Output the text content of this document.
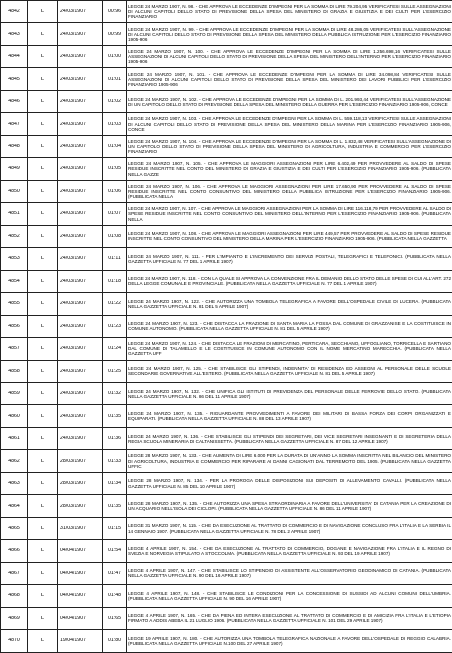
4842	L	24/03/1907	00:96	LEGGE 24 MARZO 1907, N. 98. - CHE APPROVA LE ECCEDENZE D'IMPEGNI PER LA SOMMA DI LIRE 79.204,95 VERIFICATESI SULLE ASSEGNAZIONI DI ALCUNI CAPITOLI DELLO STATO DI PREVISIONE DELLA SPESA DEL MINISTERO DI GRAZIA E GIUSTIZIA E DEI CULTI PER L'ESERCIZIO FINANZIARIO

4843	L	24/03/1907	00:99	LEGGE 24 MARZO 1907, N. 99. - CHE APPROVA LE ECCEDENZE D'IMPEGNI PER LA SOMMA DI LIRE 48.286,05 VERIFICATESI SULL'ASSEGNAZIONE DI ALCUNI CAPITOLI DELLO STATO DI PREVISIONE DELLA SPESA DEL MINISTERO DELLA PUBBLICA ISTRUZIONE PER L'ESERCIZIO FINANZIARIO 1905-906

4844	L	24/03/1907	01:00	LEGGE 24 MARZO 1907, N. 100. - CHE APPROVA LE ECCEDENZE D'IMPEGNI PER LA SOMMA DI LIRE 1.256.698,16 VERIFICATESI SULLE ASSEGNAZIONI DI ALCUNI CAPITOLI DELLO STATO DI PREVISIONE DELLA SPESA DEL MINISTERO DELL'INTERNO PER L'ESERCIZIO FINANZIARIO 1905-906

4845	L	24/03/1907	01:01	LEGGE 24 MARZO 1907, N. 101. - CHE APPROVA LE ECCEDENZE D'IMPEGNI PER LA SOMMA DI LIRE 34.098,84 VERIFICATESI SULLE ASSEGNAZIONI DI ALCUNI CAPITOLI DELLO STATO DI PREVISIONE DELLA SPESA DEL MINISTERO DEI LAVORI PUBBLICI PER L'ESERCIZIO FINANZIARIO 1905-906

4846	L	24/03/1907	01:02	LEGGE 24 MARZO 1907, N. 102. - CHE APPROVA LE ECCEDENZE D'IMPEGNI PER LA SOMMA DI L. 201.993,44 VERIFICATESI SULL'ASSEGNAZIONE DI UN CAPITOLO DELLO STATO DI PREVISIONE DELLA SPESA DEL MINISTERO DELLA GUERRA PER L'ESERCIZIO FINANZIARIO 1905-906, CONCE

4847	L	24/03/1907	01:03	LEGGE 24 MARZO 1907, N. 103. - CHE APPROVA LE ECCEDENZE D'IMPEGNI PER LA SOMMA DI L. 559.118,13 VERIFICATESI SULLE ASSEGNAZIONI DI ALCUNI CAPITOLI DELLO STATO DI PREVISIONE DELLA SPESA DEL MINISTERO DELLA MARINA PER L'ESERCIZIO FINANZIARIO 1905-906, CONCE

4848	L	24/03/1907	01:04	LEGGE 24 MARZO 1907, N. 104. - CHE APPROVA LE ECCEDENZE D'IMPEGNI PER LA SOMMA DI L. 1.832,48 VERIFICATESI SULL'ASSEGNAZIONE DI UN CAPITOLO DELLO STATO DI PREVISIONE DELLA SPESA DEL MINISTERO DI AGRICOLTURA, INDUSTRIA E COMMERCIO PER L'ESERCIZIO FINANZIARIO

4849	L	24/03/1907	01:05	LEGGE 24 MARZO 1907, N. 105. - CHE APPROVA LE MAGGIORI ASSEGNAZIONI PER LIRE 6.402,49 PER PROVVEDERE AL SALDO DI SPESE RESIDUE INSCRITTE NEL CONTO DEL MINISTERO DI GRAZIA E GIUSTIZIA E DEI CULTI PER L'ESERCIZIO FINANZIARIO 1905-906. (PUBBLICATA NELLA GAZZE

4850	L	24/03/1907	01:06	LEGGE 24 MARZO 1907, N. 106. - CHE APPROVA LE MAGGIORI ASSEGNAZIONI PER LIRE 17.650,90 PER PROVVEDERE AL SALDO DI SPESE RESIDUE INSCRITTE NEL CONTO CONSUNTIVO DEL MINISTERO DELLA PUBBLICA ISTRUZIONE PER L'ESERCIZIO FINANZIARIO 1905-906. (PUBBLICATA NELLA

4851	L	24/03/1907	01:07	LEGGE 24 MARZO 1907, N. 107. - CHE APPROVA LE MAGGIORI ASSEGNAZIONI PER LA SOMMA DI LIRE 116.118,79 PER PROVVEDERE AL SALDO DI SPESE RESIDUE INSCRITTE NEL CONTO CONSUNTIVO DEL MINISTERO DELL'INTERNO PER L'ESERCIZIO FINANZIARIO 1905-906. (PUBBLICATA NELLA

4852	L	24/03/1907	01:08	LEGGE 24 MARZO 1907, N. 108. - CHE APPROVA LE MAGGIORI ASSEGNAZIONI PER LIRE 449,57 PER PROVVEDERE AL SALDO DI SPESE RESIDUE INSCRITTE NEL CONTO CONSUNTIVO DEL MINISTERO DELLA MARINA PER L'ESERCIZIO FINANZIARIO 1905-906. (PUBBLICATA NELLA GAZZETTA

4853	L	24/03/1907	01:11	LEGGE 24 MARZO 1907, N. 111. - PER L'IMPIANTO E L'INCREMENTO DEI SERVIZI POSTALI, TELEGRAFICI E TELEFONICI. (PUBBLICATA NELLA GAZZETTA UFFICIALE N. 77 DEL 1 APRILE 1907)

4854	L	24/03/1907	01:18	LEGGE 24 MARZO 1907, N. 118. - CON LA QUALE SI APPROVA LA CONVENZIONE FRA IL DEMANIO DELLO STATO DELLE SPESE DI CUI ALL'ART. 272 DELLA LEGGE COMUNALE E PROVINCIALE. (PUBBLICATA NELLA GAZZETTA UFFICIALE N. 77 DEL 1 APRILE 1907)

4855	L	24/03/1907	01:22	LEGGE 24 MARZO 1907, N. 122. - CHE AUTORIZZA UNA TOMBOLA TELEGRAFICA A FAVORE DELL'OSPEDALE CIVILE DI LUCERA. (PUBBLICATA NELLA GAZZETTA UFFICIALE N. 81 DEL 5 APRILE 1907)

4856	L	24/03/1907	01:23	LEGGE 24 MARZO 1907, N. 123. - CHE DISTACCA LA FRAZIONE DI SANTA MARIA LA FOSSA DAL COMUNE DI GRAZZANISE E LA COSTITUISCE IN COMUNE AUTONOMO. (PUBBLICATA NELLA GAZZETTA UFFICIALE N. 81 DEL 5 APRILE 1907)

4857	L	24/03/1907	01:24	LEGGE 24 MARZO 1907, N. 124. - CHE DISTACCA LE FRAZIONI DI MERCATINO, PERTICARA, SECCHIANO, UFFOGLIANO, TORRICELLA E SARTIANO DAL COMUNE DI TALAMELLO E LE COSTITUISCE IN COMUNE AUTONOMO CON IL NOME MERCATINO MARECCHIA. (PUBBLICATA NELLA GAZZETTA UFF

4858	L	24/03/1907	01:25	LEGGE 24 MARZO 1907, N. 125. - CHE STABILISCE GLI STIPENDI, INDENNITA' DI RESIDENZA ED ASSEGNI AL PERSONALE DELLE SCUOLE SECONDARIE GOVERNATIVE ALL'ESTERO. (PUBBLICATA NELLA GAZZETTA UFFICIALE N. 81 DEL 5 APRILE 1907)

4859	L	24/03/1907	01:32	LEGGE 24 MARZO 1907, N. 132. - CHE UNIFICA GLI ISTITUTI DI PREVIDENZA DEL PERSONALE DELLE FERROVIE DELLO STATO. (PUBBLICATA NELLA GAZZETTA UFFICIALE N. 86 DEL 11 APRILE 1907)

4860	L	24/03/1907	01:35	LEGGE 24 MARZO 1907, N. 135. - RIGUARDANTE PROVVEDIMENTI A FAVORE DEI MILITARI DI BASSA FORZA DEI CORPI ORGANIZZATI E EQUIPARATI. (PUBBLICATA NELLA GAZZETTA UFFICIALE N. 88 DEL 13 APRILE 1907)

4861	L	24/03/1907	01:36	LEGGE 24 MARZO 1907, N. 136. - CHE STABILISCE GLI STIPENDI DEI SEGRETARI, DEI VICE SEGRETARI INSEGNANTI E DI SEGRETERIA DELLA REGIA SCUOLA MINERARIA DI CALTANISSETTA. (PUBBLICATA NELLA GAZZETTA UFFICIALE N. 87 DEL 12 APRILE 1907)

4862	L	28/03/1907	01:33	LEGGE 28 MARZO 1907, N. 133. - CHE AUMENTA DI LIRE 6.000 PER LA DURATA DI UN'ANNO LA SOMMA INSCRITTA NEL BILANCIO DEL MINISTERO DI AGRICOLTURA, INDUSTRIA E COMMERCIO PER RIPARARE AI DANNI CAGIONATI DAL TERREMOTO DEL 1905. (PUBBLICATA NELLA GAZZETTA UFFIC

4863	L	28/03/1907	01:34	LEGGE 28 MARZO 1907, N. 134. - PER LA PROROGA DELLE DISPOSIZIONI SUI DEPOSITI DI ALLEVAMENTO CAVALLI. (PUBBLICATA NELLA GAZZETTA UFFICIALE N. 85 DEL 10 APRILE 1907)

4864	L	28/03/1907	01:35	LEGGE 28 MARZO 1907, N. 135. - CHE AUTORIZZA UNA SPESA STRAORDINARIA A FAVORE DELL'UNIVERSITA' DI CATANIA PER LA CREAZIONE DI UN ACQUARIO NELL'ISOLA DEI CICLOPI. (PUBBLICATA NELLA GAZZETTA UFFICIALE N. 86 DEL 11 APRILE 1907)

4865	L	31/03/1907	01:15	LEGGE 31 MARZO 1907, N. 115. - CHE DA ESECUZIONE AL TRATTATO DI COMMERCIO E DI NAVIGAZIONE CONCLUSO FRA L'ITALIA E LA SERBIA IL 14 GENNAIO 1907. (PUBBLICATA NELLA GAZZETTA UFFICIALE N. 78 DEL 2 APRILE 1907)

4866	L	04/04/1907	01:54	LEGGE 4 APRILE 1907, N. 154. - CHE DA ESECUZIONE AL TRATTATO DI COMMERCIO, DOGANE E NAVIGAZIONE FRA L'ITALIA E IL REGNO DI SVEZIA E NORVEGIA STIPULATO A STOCCOLMA. (PUBBLICATA NELLA GAZZETTA UFFICIALE N. 93 DEL 19 APRILE 1907)

4867	L	04/04/1907	01:47	LEGGE 4 APRILE 1907, N. 147. - CHE STABILISCE LO STIPENDIO DI ASSISTENTE ALL'OSSERVATORIO GEODINAMICO DI CATANIA. (PUBBLICATA NELLA GAZZETTA UFFICIALE N. 90 DEL 16 APRILE 1907)

4868	L	04/04/1907	01:48	LEGGE 4 APRILE 1907, N. 148. - CHE STABILISCE LE CONDIZIONI PER LA CONCESSIONE DI SUSSIDI AD ALCUNI COMUNI DELL'UMBRIA. (PUBBLICATA NELLA GAZZETTA UFFICIALE N. 90 DEL 16 APRILE 1907)

4869	L	04/04/1907	01:65	LEGGE 4 APRILE 1907, N. 165. - CHE DA PIENA ED INTERA ESECUZIONE AL TRATTATO DI COMMERCIO E DI AMICIZIA FRA L'ITALIA E L'ETIOPIA FIRMATO A ADDIS ABEBA IL 21 LUGLIO 1906. (PUBBLICATA NELLA GAZZETTA UFFICIALE N. 101 DEL 29 APRILE 1907)

4870	L	19/04/1907	01:80	LEGGE 19 APRILE 1907, N. 180. - CHE AUTORIZZA UNA TOMBOLA TELEGRAFICA NAZIONALE A FAVORE DELL'OSPEDALE DI REGGIO CALABRIA. (PUBBLICATA NELLA GAZZETTA UFFICIALE N.100 DEL 27 APRILE 1907)
